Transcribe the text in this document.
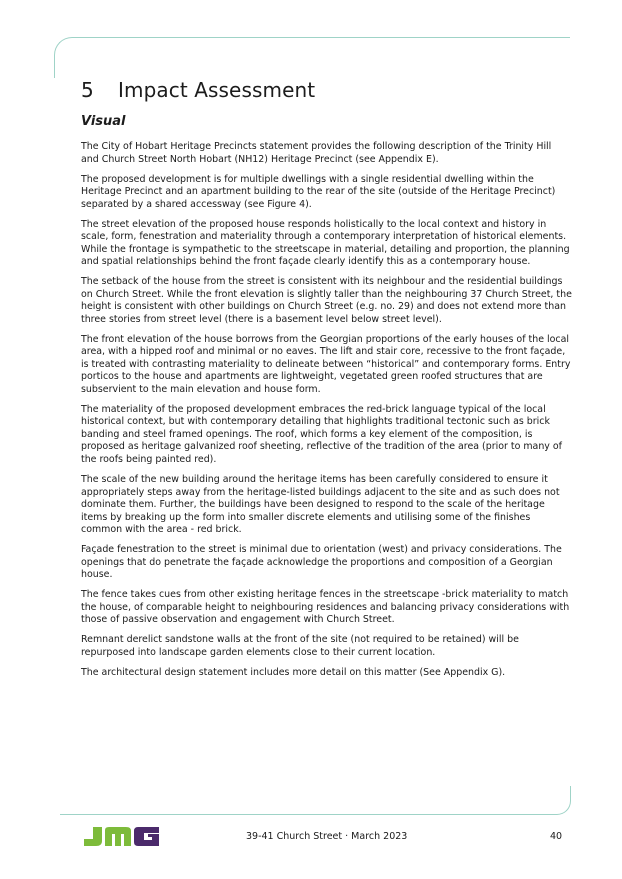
5 Impact Assessment
Visual

The City of Hobart Heritage Precincts statement provides the following description of the Trinity Hill and Church Street North Hobart (NH12) Heritage Precinct (see Appendix E).

The proposed development is for multiple dwellings with a single residential dwelling within the Heritage Precinct and an apartment building to the rear of the site (outside of the Heritage Precinct) separated by a shared accessway (see Figure 4).

The street elevation of the proposed house responds holistically to the local context and history in scale, form, fenestration and materiality through a contemporary interpretation of historical elements. While the frontage is sympathetic to the streetscape in material, detailing and proportion, the planning and spatial relationships behind the front façade clearly identify this as a contemporary house.

The setback of the house from the street is consistent with its neighbour and the residential buildings on Church Street. While the front elevation is slightly taller than the neighbouring 37 Church Street, the height is consistent with other buildings on Church Street (e.g. no. 29) and does not extend more than three stories from street level (there is a basement level below street level).

The front elevation of the house borrows from the Georgian proportions of the early houses of the local area, with a hipped roof and minimal or no eaves. The lift and stair core, recessive to the front façade, is treated with contrasting materiality to delineate between “historical” and contemporary forms. Entry porticos to the house and apartments are lightweight, vegetated green roofed structures that are subservient to the main elevation and house form.

The materiality of the proposed development embraces the red-brick language typical of the local historical context, but with contemporary detailing that highlights traditional tectonic such as brick banding and steel framed openings. The roof, which forms a key element of the composition, is proposed as heritage galvanized roof sheeting, reflective of the tradition of the area (prior to many of the roofs being painted red).

The scale of the new building around the heritage items has been carefully considered to ensure it appropriately steps away from the heritage-listed buildings adjacent to the site and as such does not dominate them. Further, the buildings have been designed to respond to the scale of the heritage items by breaking up the form into smaller discrete elements and utilising some of the finishes common with the area - red brick.

Façade fenestration to the street is minimal due to orientation (west) and privacy considerations. The openings that do penetrate the façade acknowledge the proportions and composition of a Georgian house.

The fence takes cues from other existing heritage fences in the streetscape -brick materiality to match the house, of comparable height to neighbouring residences and balancing privacy considerations with those of passive observation and engagement with Church Street.

Remnant derelict sandstone walls at the front of the site (not required to be retained) will be repurposed into landscape garden elements close to their current location.

The architectural design statement includes more detail on this matter (See Appendix G).

39-41 Church Street · March 2023	40
